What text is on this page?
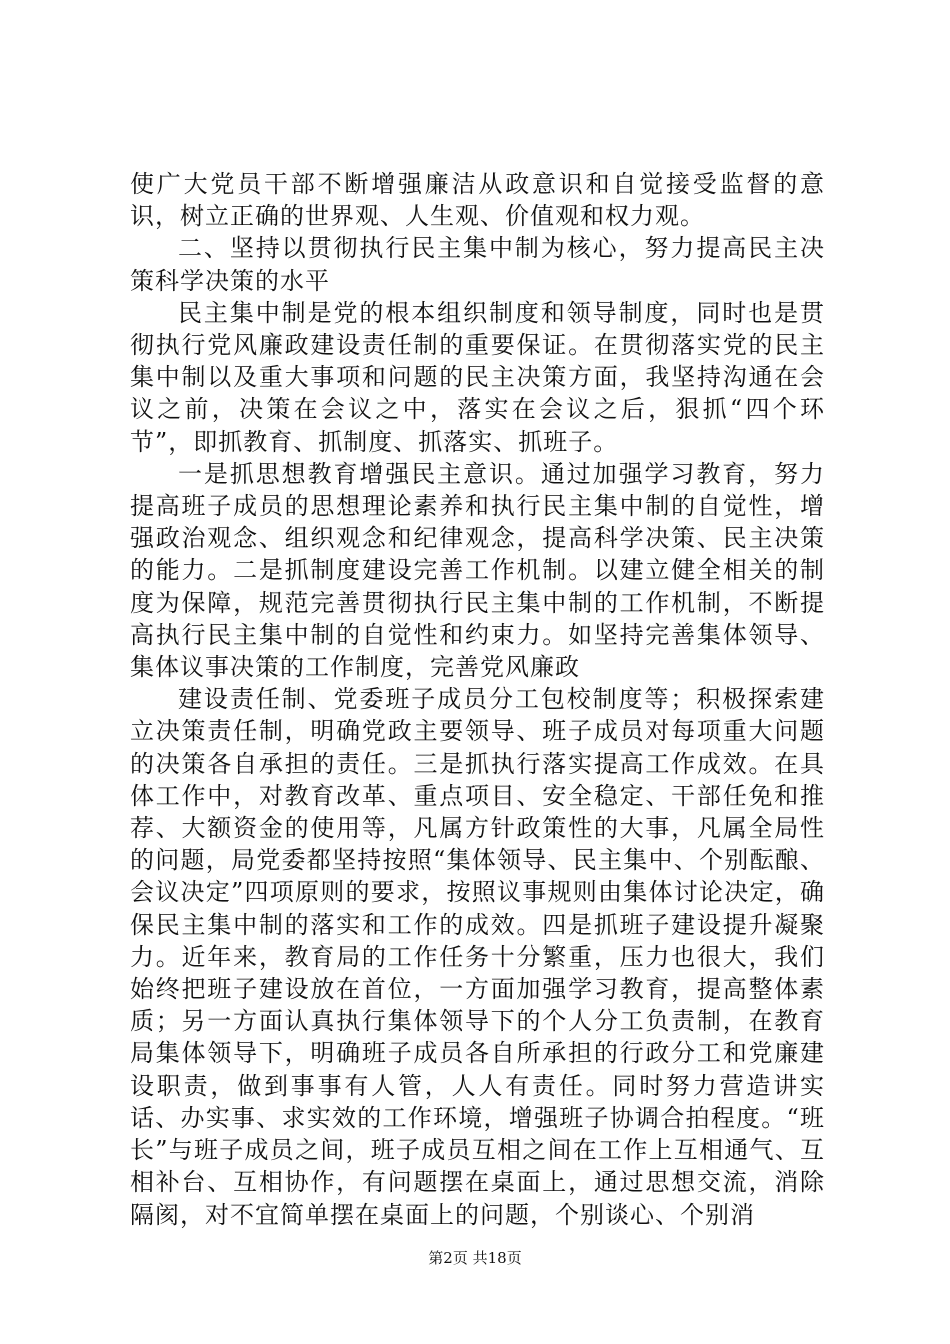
使广大党员干部不断增强廉洁从政意识和自觉接受监督的意识，树立正确的世界观、人生观、价值观和权力观。

二、坚持以贯彻执行民主集中制为核心，努力提高民主决策科学决策的水平

民主集中制是党的根本组织制度和领导制度，同时也是贯彻执行党风廉政建设责任制的重要保证。在贯彻落实党的民主集中制以及重大事项和问题的民主决策方面，我坚持沟通在会议之前，决策在会议之中，落实在会议之后，狠抓“四个环节”，即抓教育、抓制度、抓落实、抓班子。

一是抓思想教育增强民主意识。通过加强学习教育，努力提高班子成员的思想理论素养和执行民主集中制的自觉性，增强政治观念、组织观念和纪律观念，提高科学决策、民主决策的能力。二是抓制度建设完善工作机制。以建立健全相关的制度为保障，规范完善贯彻执行民主集中制的工作机制，不断提高执行民主集中制的自觉性和约束力。如坚持完善集体领导、集体议事决策的工作制度，完善党风廉政

建设责任制、党委班子成员分工包校制度等；积极探索建立决策责任制，明确党政主要领导、班子成员对每项重大问题的决策各自承担的责任。三是抓执行落实提高工作成效。在具体工作中，对教育改革、重点项目、安全稳定、干部任免和推荐、大额资金的使用等，凡属方针政策性的大事，凡属全局性的问题，局党委都坚持按照“集体领导、民主集中、个别酝酿、会议决定”四项原则的要求，按照议事规则由集体讨论决定，确保民主集中制的落实和工作的成效。四是抓班子建设提升凝聚力。近年来，教育局的工作任务十分繁重，压力也很大，我们始终把班子建设放在首位，一方面加强学习教育，提高整体素质；另一方面认真执行集体领导下的个人分工负责制，在教育局集体领导下，明确班子成员各自所承担的行政分工和党廉建设职责，做到事事有人管，人人有责任。同时努力营造讲实话、办实事、求实效的工作环境，增强班子协调合拍程度。“班长”与班子成员之间，班子成员互相之间在工作上互相通气、互相补台、互相协作，有问题摆在桌面上，通过思想交流，消除隔阂，对不宜简单摆在桌面上的问题，个别谈心、个别消

第2页 共18页
